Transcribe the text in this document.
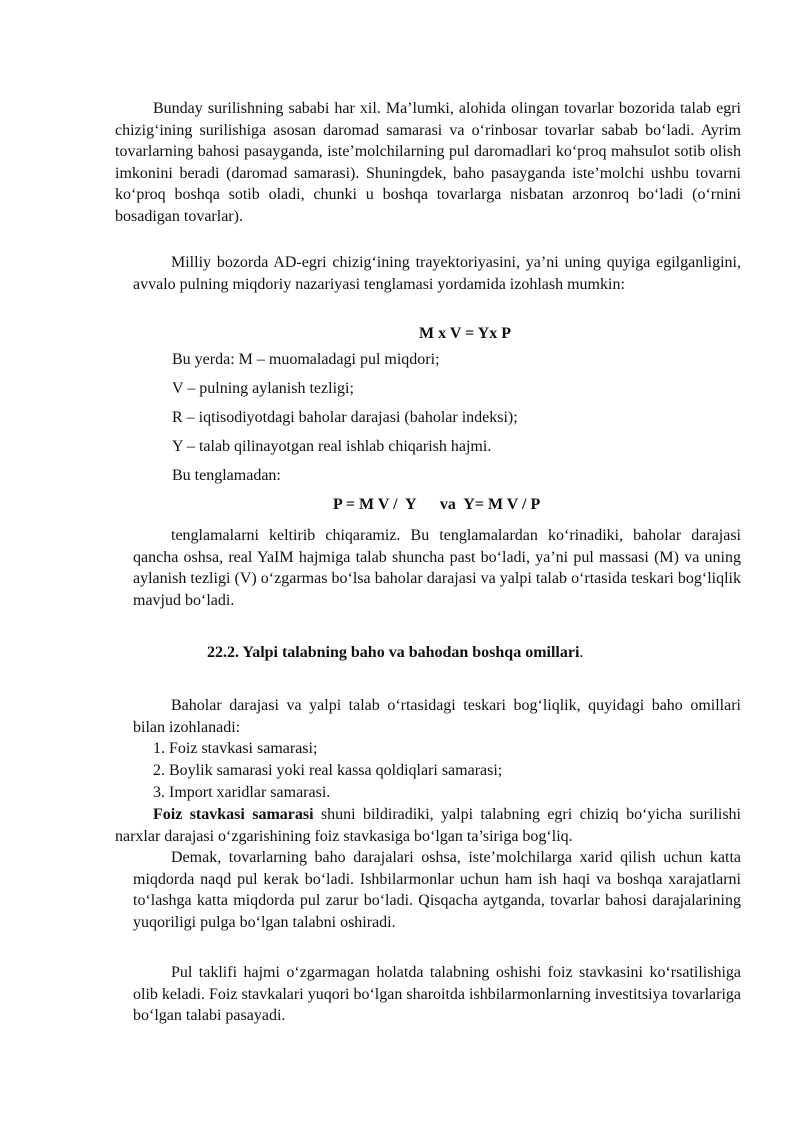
Bunday surilishning sababi har xil. Ma’lumki, alohida olingan tovarlar bozorida talab egri chizig‘ining surilishiga asosan daromad samarasi va o‘rinbosar tovarlar sabab bo‘ladi. Ayrim tovarlarning bahosi pasayganda, iste’molchilarning pul daromadlari ko‘proq mahsulot sotib olish imkonini beradi (daromad samarasi). Shuningdek, baho pasayganda iste’molchi ushbu tovarni ko‘proq boshqa sotib oladi, chunki u boshqa tovarlarga nisbatan arzonroq bo‘ladi (o‘rnini bosadigan tovarlar).

Milliy bozorda AD-egri chizig‘ining trayektoriyasini, ya’ni uning quyiga egilganligini, avvalo pulning miqdoriy nazariyasi tenglamasi yordamida izohlash mumkin:

M x V = Yx P

Bu yerda: M – muomaladagi pul miqdori;

V – pulning aylanish tezligi;

R – iqtisodiyotdagi baholar darajasi (baholar indeksi);

Y – talab qilinayotgan real ishlab chiqarish hajmi.

Bu tenglamadan:

P = M V /  Y      va  Y= M V / P

tenglamalarni keltirib chiqaramiz. Bu tenglamalardan ko‘rinadiki, baholar darajasi qancha oshsa, real YaIM hajmiga talab shuncha past bo‘ladi, ya’ni pul massasi (M) va uning aylanish tezligi (V) o‘zgarmas bo‘lsa baholar darajasi va yalpi talab o‘rtasida teskari bog‘liqlik mavjud bo‘ladi.

22.2. Yalpi talabning baho va bahodan boshqa omillari.

Baholar darajasi va yalpi talab o‘rtasidagi teskari bog‘liqlik, quyidagi baho omillari bilan izohlanadi:

1. Foiz stavkasi samarasi;

2. Boylik samarasi yoki real kassa qoldiqlari samarasi;

3. Import xaridlar samarasi.

Foiz stavkasi samarasi shuni bildiradiki, yalpi talabning egri chiziq bo‘yicha surilishi narxlar darajasi o‘zgarishining foiz stavkasiga bo‘lgan ta’siriga bog‘liq.

Demak, tovarlarning baho darajalari oshsa, iste’molchilarga xarid qilish uchun katta miqdorda naqd pul kerak bo‘ladi. Ishbilarmonlar uchun ham ish haqi va boshqa xarajatlarni to‘lashga katta miqdorda pul zarur bo‘ladi. Qisqacha aytganda, tovarlar bahosi darajalarining yuqoriligi pulga bo‘lgan talabni oshiradi.

Pul taklifi hajmi o‘zgarmagan holatda talabning oshishi foiz stavkasini ko‘rsatilishiga olib keladi. Foiz stavkalari yuqori bo‘lgan sharoitda ishbilarmonlarning investitsiya tovarlariga bo‘lgan talabi pasayadi.
